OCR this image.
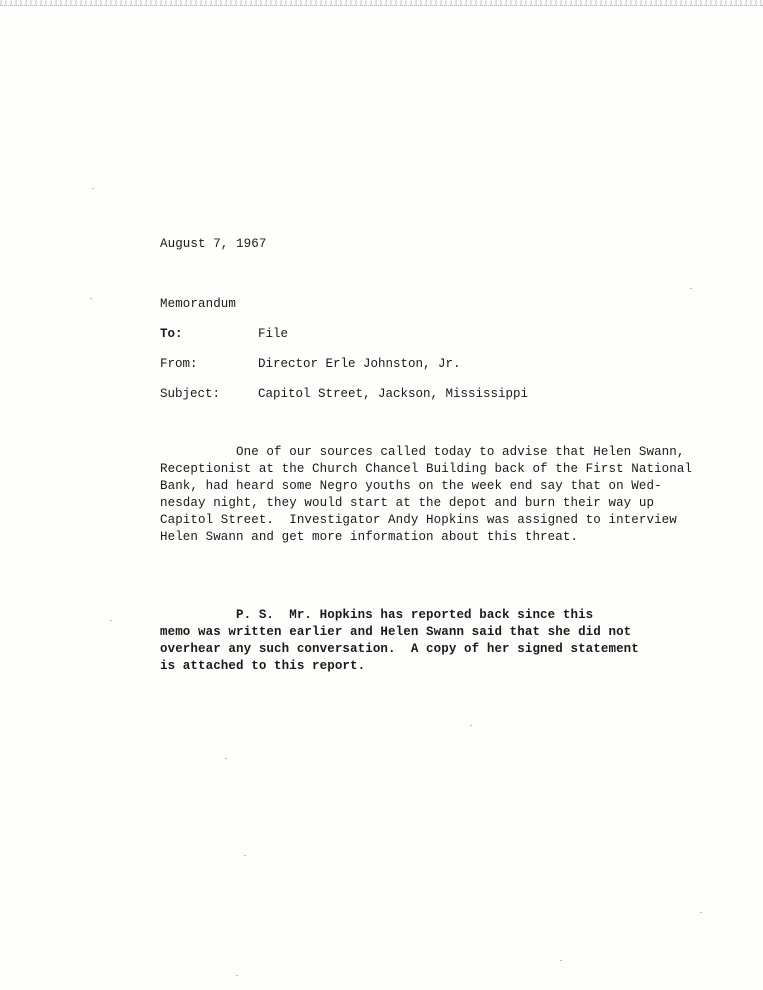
August 7, 1967
Memorandum
To:	File
From:	Director Erle Johnston, Jr.
Subject:	Capitol Street, Jackson, Mississippi
One of our sources called today to advise that Helen Swann,
Receptionist at the Church Chancel Building back of the First National
Bank, had heard some Negro youths on the week end say that on Wed-
nesday night, they would start at the depot and burn their way up
Capitol Street.  Investigator Andy Hopkins was assigned to interview
Helen Swann and get more information about this threat.
P. S.  Mr. Hopkins has reported back since this
memo was written earlier and Helen Swann said that she did not
overhear any such conversation.  A copy of her signed statement
is attached to this report.
